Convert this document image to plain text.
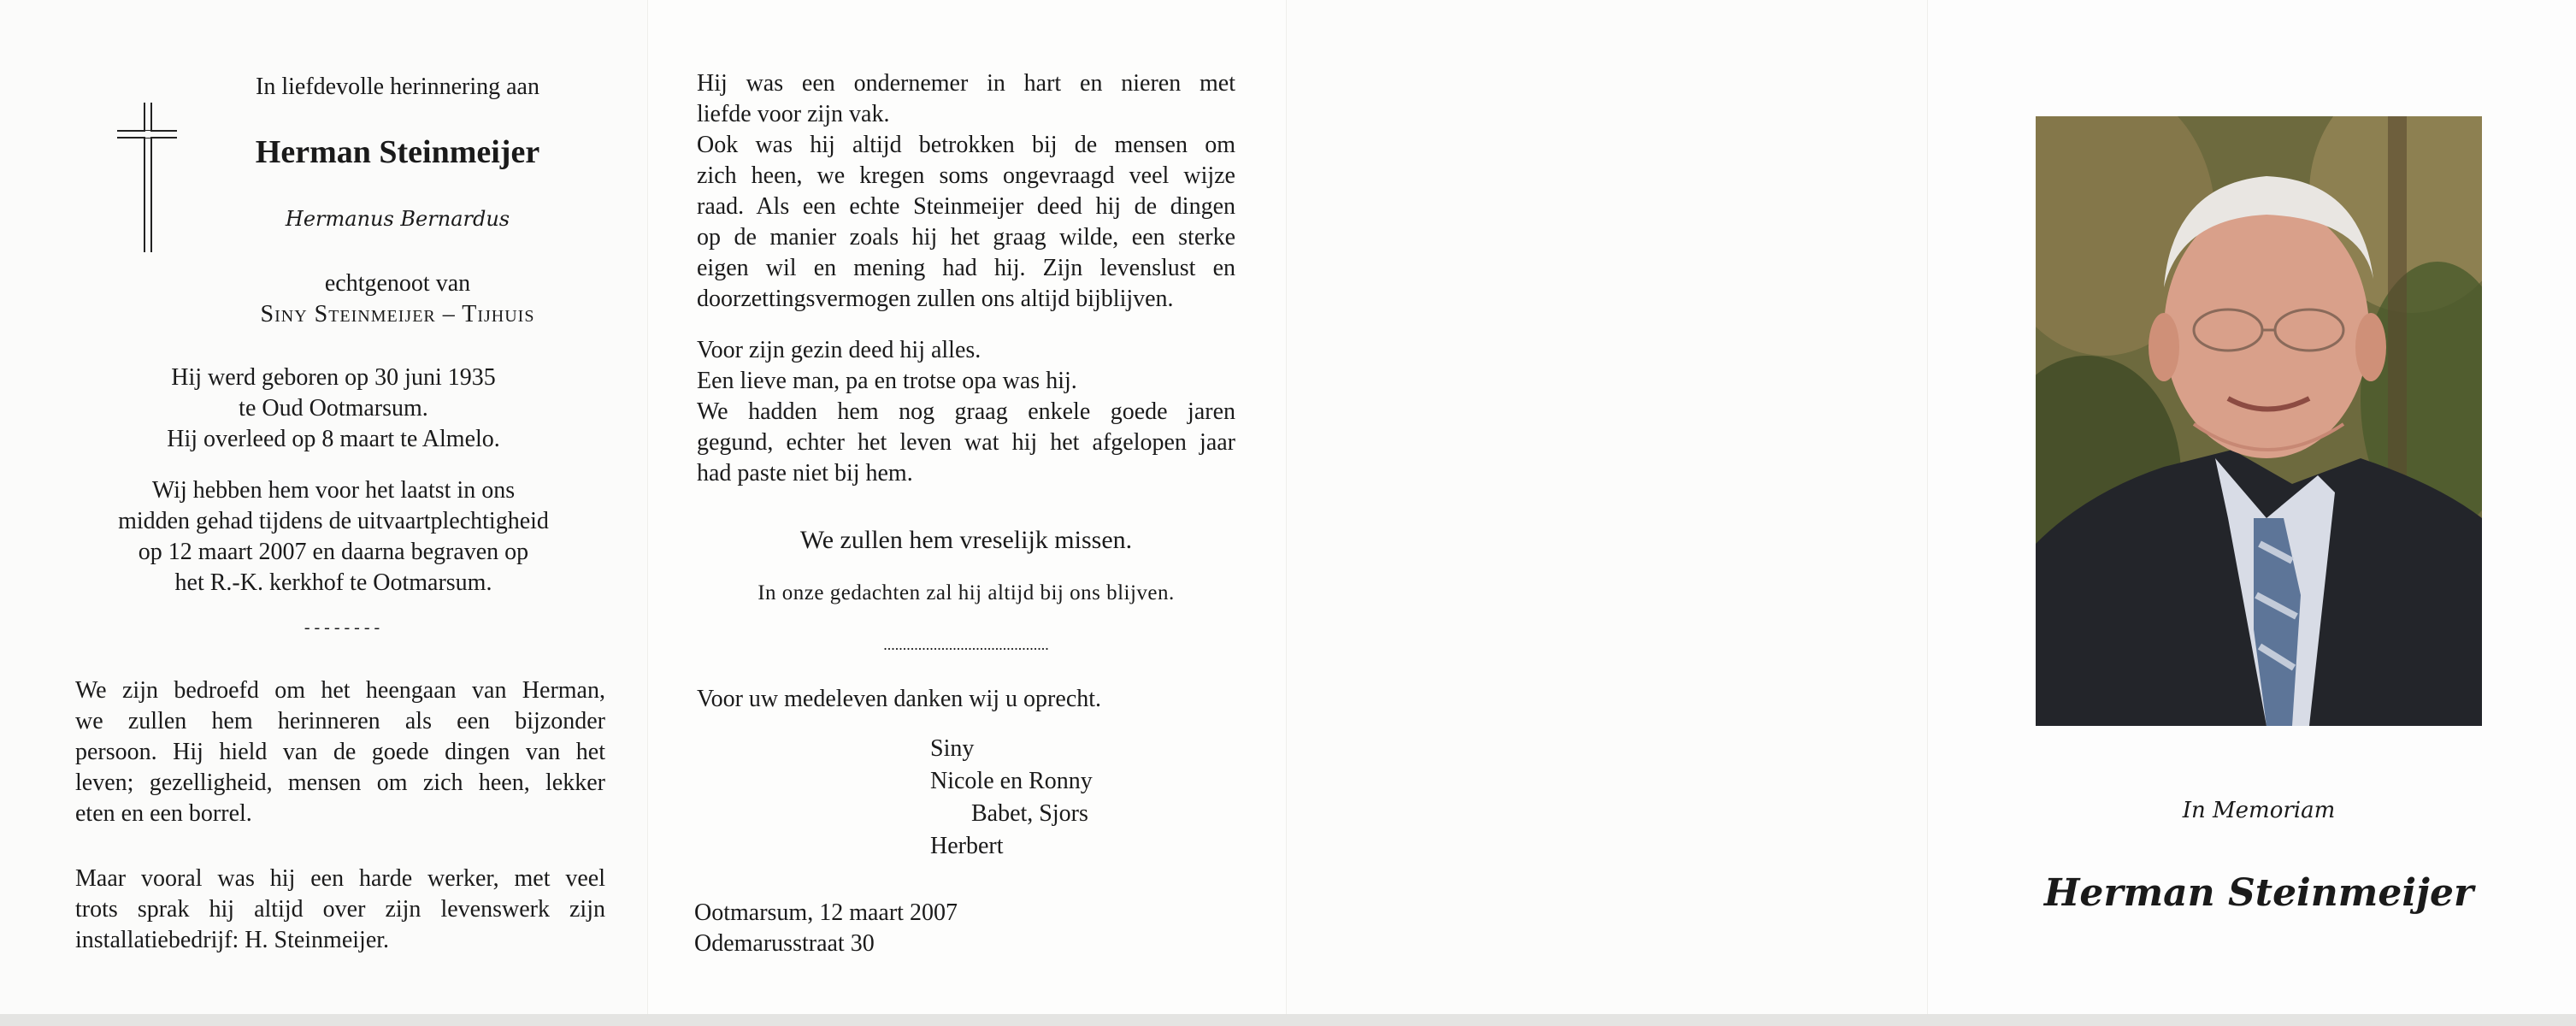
In liefdevolle herinnering aan
Herman Steinmeijer
Hermanus Bernardus
echtgenoot van
Siny Steinmeijer – Tijhuis
Hij werd geboren op 30 juni 1935
te Oud Ootmarsum.
Hij overleed op 8 maart te Almelo.
Wij hebben hem voor het laatst in ons
midden gehad tijdens de uitvaartplechtigheid
op 12 maart 2007 en daarna begraven op
het R.-K. kerkhof te Ootmarsum.
- - - - - - - -
We zijn bedroefd om het heengaan van Herman,
we zullen hem herinneren als een bijzonder
persoon. Hij hield van de goede dingen van het
leven; gezelligheid, mensen om zich heen, lekker
eten en een borrel.
Maar vooral was hij een harde werker, met veel
trots sprak hij altijd over zijn levenswerk zijn
installatiebedrijf: H. Steinmeijer.
Hij was een ondernemer in hart en nieren met
liefde voor zijn vak.
Ook was hij altijd betrokken bij de mensen om
zich heen, we kregen soms ongevraagd veel wijze
raad. Als een echte Steinmeijer deed hij de dingen
op de manier zoals hij het graag wilde, een sterke
eigen wil en mening had hij. Zijn levenslust en
doorzettingsvermogen zullen ons altijd bijblijven.
Voor zijn gezin deed hij alles.
Een lieve man, pa en trotse opa was hij.
We hadden hem nog graag enkele goede jaren
gegund, echter het leven wat hij het afgelopen jaar
had paste niet bij hem.
We zullen hem vreselijk missen.
In onze gedachten zal hij altijd bij ons blijven.
...........................................
Voor uw medeleven danken wij u oprecht.
Siny
Nicole en Ronny
Babet, Sjors
Herbert
Ootmarsum, 12 maart 2007
Odemarusstraat 30
In Memoriam
Herman Steinmeijer
